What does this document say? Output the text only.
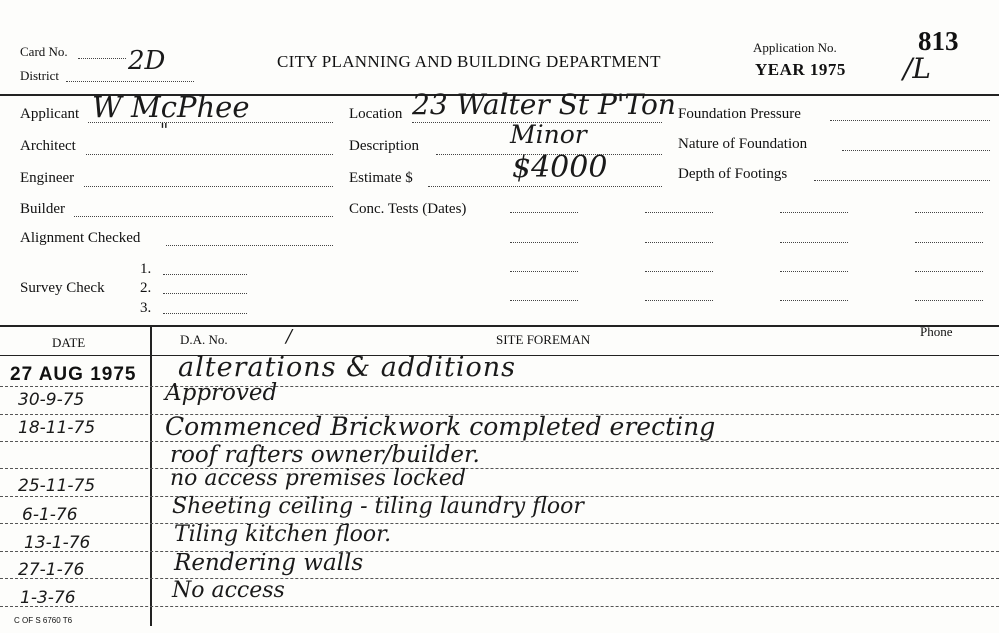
Card No. 2D
District
CITY PLANNING AND BUILDING DEPARTMENT
Application No.
YEAR 1975
813
/L
Applicant W McPhee
Architect
"
Engineer
Builder
Alignment Checked
Survey Check
1.
2.
3.
Location 23 Walter St P'Ton
Description	Minor
Estimate $	$4000
Conc. Tests (Dates)
Foundation Pressure
Nature of Foundation
Depth of Footings
DATE	D.A. No.	/	SITE FOREMAN
Phone
27 AUG 1975 alterations & additions
30-9-75	Approved
18-11-75	Commenced Brickwork completed erecting
roof rafters owner/builder.
25-11-75	no access premises locked
6-1-76	Sheeting ceiling - tiling laundry floor
13-1-76	Tiling kitchen floor.
27-1-76	Rendering walls
1-3-76	No access
C OF S 6760 T6
